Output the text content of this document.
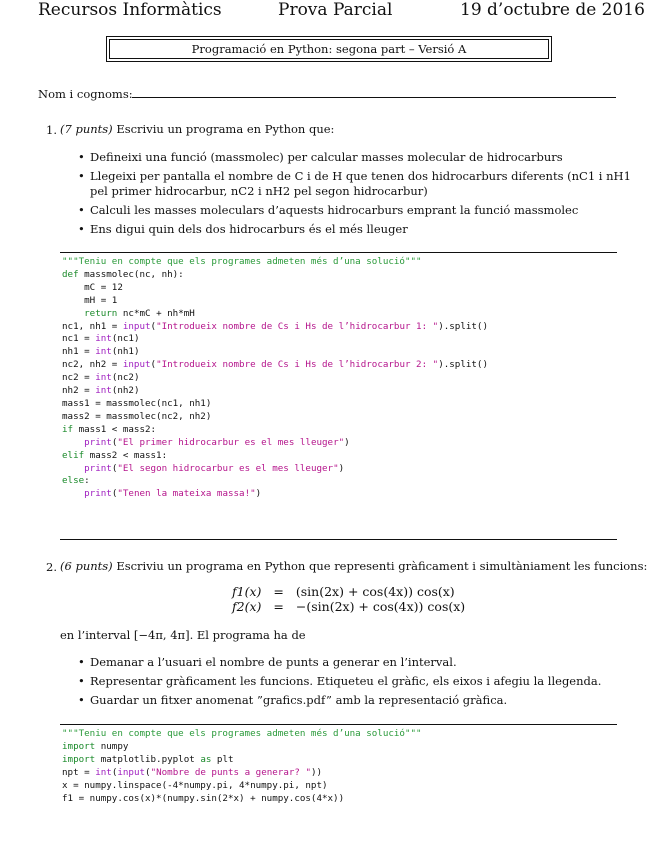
Recursos Informàtics	Prova Parcial	19 d’octubre de 2016
Programació en Python: segona part – Versió A
Nom i cognoms:
1. (7 punts) Escriviu un programa en Python que:
• Defineixi una funció (massmolec) per calcular masses molecular de hidrocarburs
• Llegeixi per pantalla el nombre de C i de H que tenen dos hidrocarburs diferents (nC1 i nH1 pel primer hidrocarbur, nC2 i nH2 pel segon hidrocarbur)
• Calculi les masses moleculars d’aquests hidrocarburs emprant la funció massmolec
• Ens digui quin dels dos hidrocarburs és el més lleuger
"""Teniu en compte que els programes admeten més d’una solució"""
def massmolec(nc, nh):
mC = 12
mH = 1
return nc*mC + nh*mH
nc1, nh1 = input("Introdueix nombre de Cs i Hs de l’hidrocarbur 1: ").split()
nc1 = int(nc1)
nh1 = int(nh1)
nc2, nh2 = input("Introdueix nombre de Cs i Hs de l’hidrocarbur 2: ").split()
nc2 = int(nc2)
nh2 = int(nh2)
mass1 = massmolec(nc1, nh1)
mass2 = massmolec(nc2, nh2)
if mass1 < mass2:
print("El primer hidrocarbur es el mes lleuger")
elif mass2 < mass1:
print("El segon hidrocarbur es el mes lleuger")
else:
print("Tenen la mateixa massa!")
2. (6 punts) Escriviu un programa en Python que representi gràficament i simultàniament les funcions:
f1(x)	=	(sin(2x) + cos(4x)) cos(x)
f2(x)	=	−(sin(2x) + cos(4x)) cos(x)
en l’interval [−4π, 4π]. El programa ha de
• Demanar a l’usuari el nombre de punts a generar en l’interval.
• Representar gràficament les funcions. Etiqueteu el gràfic, els eixos i afegiu la llegenda.
• Guardar un fitxer anomenat ”grafics.pdf” amb la representació gràfica.
"""Teniu en compte que els programes admeten més d’una solució"""
import numpy
import matplotlib.pyplot as plt
npt = int(input("Nombre de punts a generar? "))
x = numpy.linspace(-4*numpy.pi, 4*numpy.pi, npt)
f1 = numpy.cos(x)*(numpy.sin(2*x) + numpy.cos(4*x))
